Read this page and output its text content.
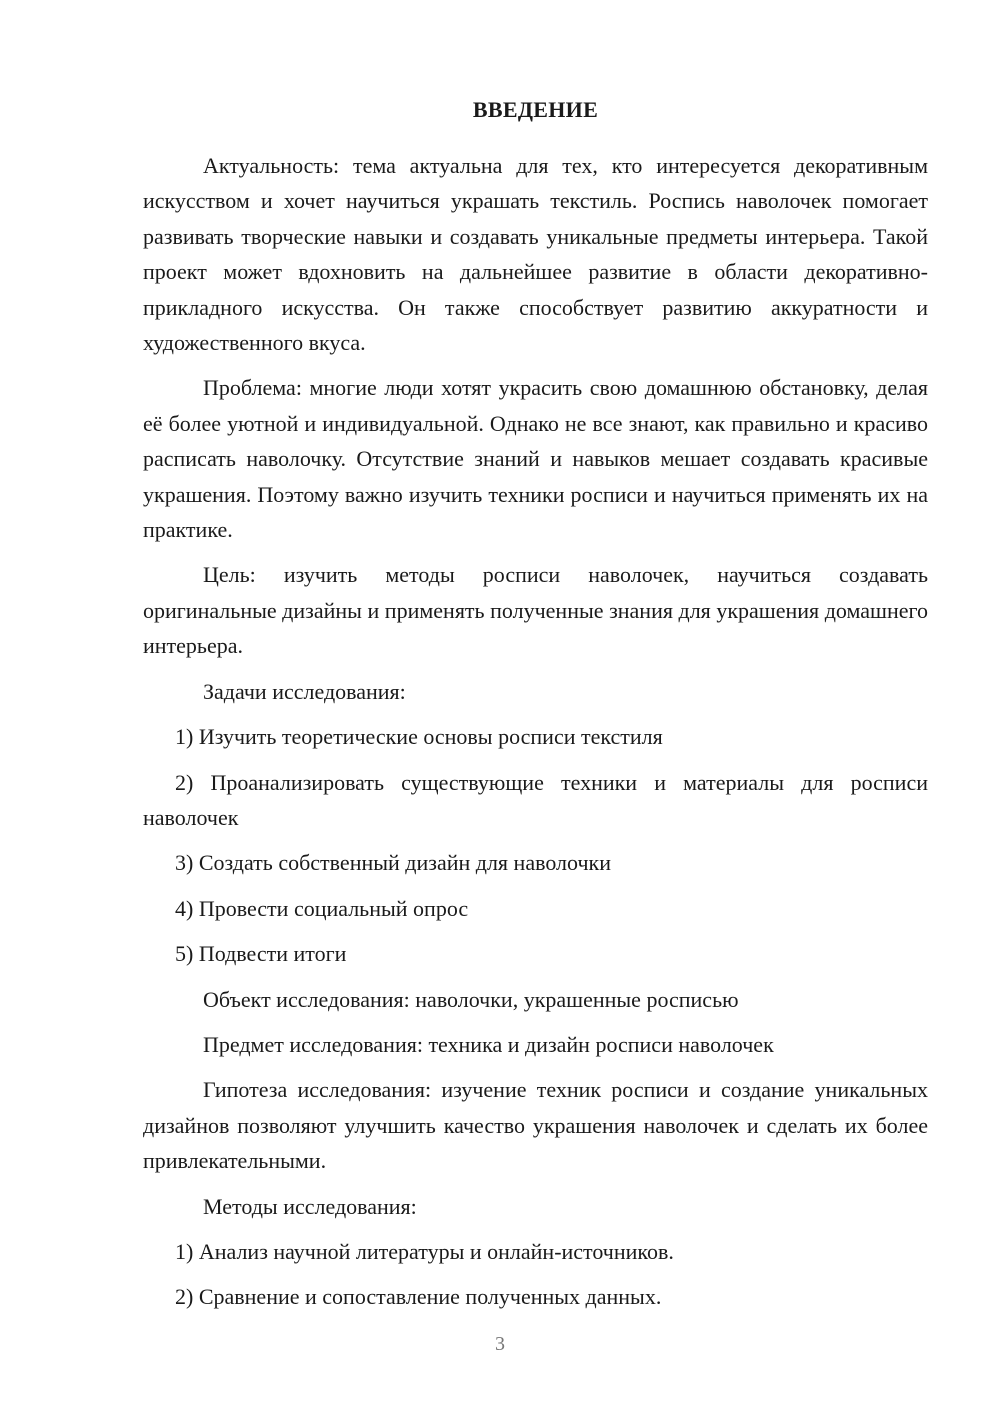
ВВЕДЕНИЕ

Актуальность: тема актуальна для тех, кто интересуется декоративным искусством и хочет научиться украшать текстиль. Роспись наволочек помогает развивать творческие навыки и создавать уникальные предметы интерьера. Такой проект может вдохновить на дальнейшее развитие в области декоративно-прикладного искусства. Он также способствует развитию аккуратности и художественного вкуса.

Проблема: многие люди хотят украсить свою домашнюю обстановку, делая её более уютной и индивидуальной. Однако не все знают, как правильно и красиво расписать наволочку. Отсутствие знаний и навыков мешает создавать красивые украшения. Поэтому важно изучить техники росписи и научиться применять их на практике.

Цель: изучить методы росписи наволочек, научиться создавать оригинальные дизайны и применять полученные знания для украшения домашнего интерьера.

Задачи исследования:

1) Изучить теоретические основы росписи текстиля

2) Проанализировать существующие техники и материалы для росписи наволочек

3) Создать собственный дизайн для наволочки

4) Провести социальный опрос

5) Подвести итоги

Объект исследования: наволочки, украшенные росписью

Предмет исследования: техника и дизайн росписи наволочек

Гипотеза исследования: изучение техник росписи и создание уникальных дизайнов позволяют улучшить качество украшения наволочек и сделать их более привлекательными.

Методы исследования:

1) Анализ научной литературы и онлайн-источников.

2) Сравнение и сопоставление полученных данных.

3
